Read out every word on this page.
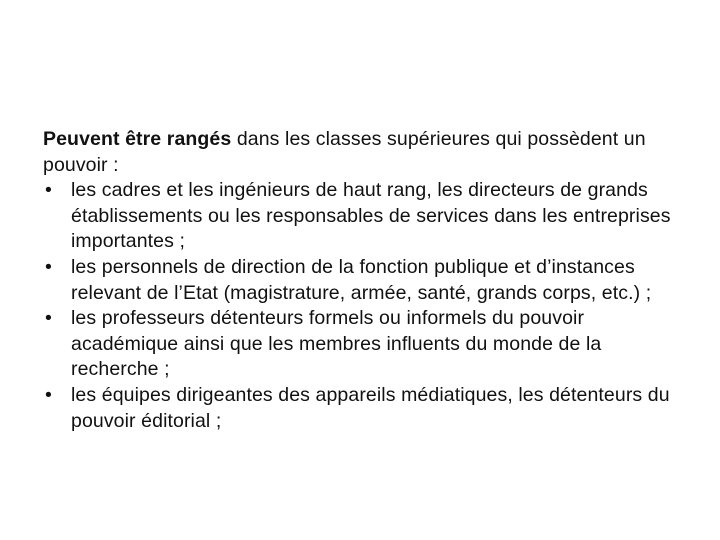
Peuvent être rangés dans les classes supérieures qui possèdent un pouvoir :

• les cadres et les ingénieurs de haut rang, les directeurs de grands établissements ou les responsables de services dans les entreprises importantes ;
• les personnels de direction de la fonction publique et d’instances relevant de l’Etat (magistrature, armée, santé, grands corps, etc.) ;
• les professeurs détenteurs formels ou informels du pouvoir académique ainsi que les membres influents du monde de la recherche ;
• les équipes dirigeantes des appareils médiatiques, les détenteurs du pouvoir éditorial ;
